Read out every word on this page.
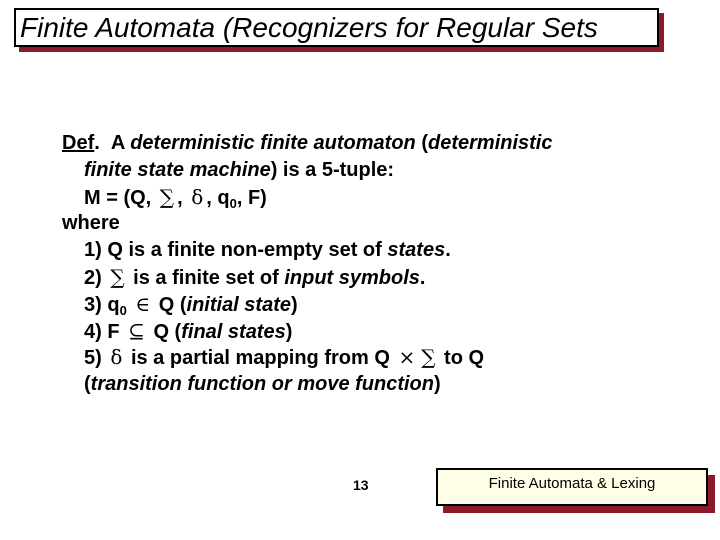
Finite Automata (Recognizers for Regular Sets
Def. A deterministic finite automaton (deterministic
finite state machine) is a 5-tuple:
M = (Q, ∑ , δ , $q_0$, F)
where
1) Q is a finite non-empty set of states.
2) ∑ is a finite set of input symbols.
3) $q_0$ ∈ Q (initial state)
4) F ⊆ Q (final states)
5) δ is a partial mapping from Q × ∑ to Q
(transition function or move function)
13	Finite Automata & Lexing
